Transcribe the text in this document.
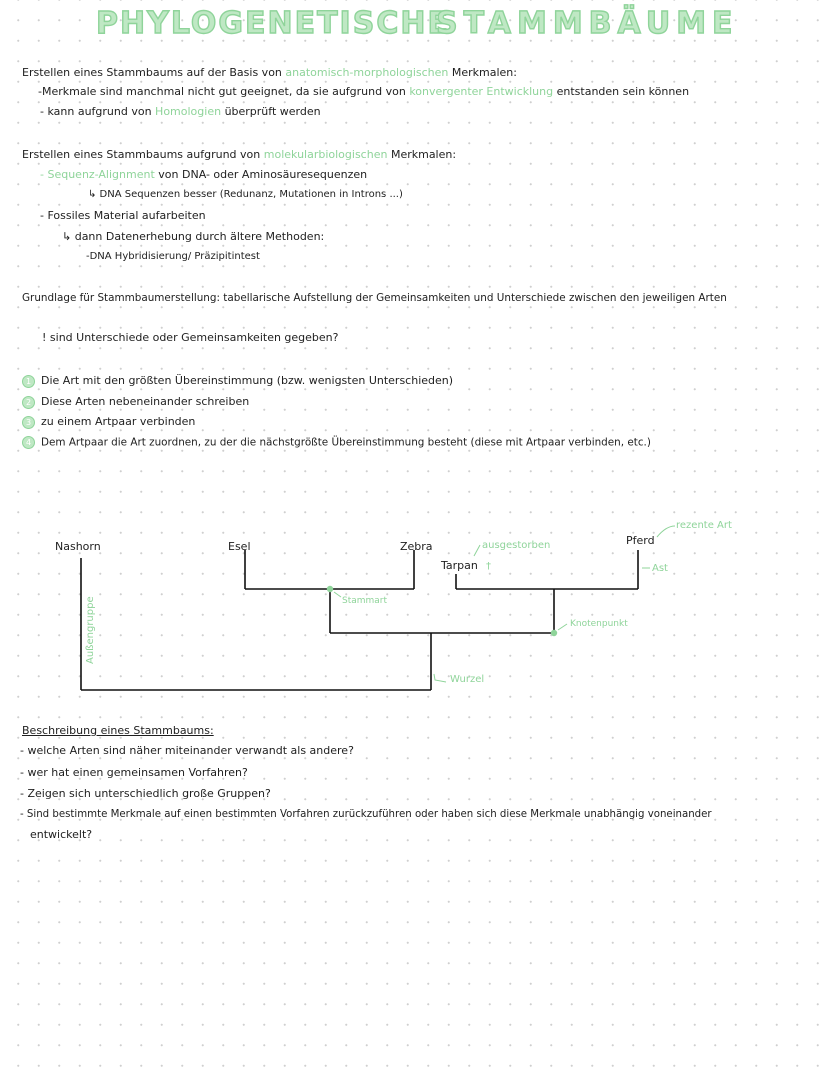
PHYLOGENETISCHE
STAMMBÄUME
Erstellen eines Stammbaums auf der Basis von anatomisch-morphologischen Merkmalen:
-Merkmale sind manchmal nicht gut geeignet, da sie aufgrund von konvergenter Entwicklung entstanden sein können
- kann aufgrund von Homologien überprüft werden
Erstellen eines Stammbaums aufgrund von molekularbiologischen Merkmalen:
- Sequenz-Alignment von DNA- oder Aminosäuresequenzen
↳ DNA Sequenzen besser (Redunanz, Mutationen in Introns ...)
- Fossiles Material aufarbeiten
↳ dann Datenerhebung durch ältere Methoden:
-DNA Hybridisierung/ Präzipitintest
Grundlage für Stammbaumerstellung: tabellarische Aufstellung der Gemeinsamkeiten und Unterschiede zwischen den jeweiligen Arten
! sind Unterschiede oder Gemeinsamkeiten gegeben?
1 Die Art mit den größten Übereinstimmung (bzw. wenigsten Unterschieden)
2 Diese Arten nebeneinander schreiben
3 zu einem Artpaar verbinden
4 Dem Artpaar die Art zuordnen, zu der die nächstgrößte Übereinstimmung besteht (diese mit Artpaar verbinden, etc.)
Nashorn	Esel	Zebra
Tarpan †
Pferd
rezente Art
ausgestorben
Ast
Stammart
Knotenpunkt
Wurzel
Außengruppe
Beschreibung eines Stammbaums:
- welche Arten sind näher miteinander verwandt als andere?
- wer hat einen gemeinsamen Vorfahren?
- Zeigen sich unterschiedlich große Gruppen?
- Sind bestimmte Merkmale auf einen bestimmten Vorfahren zurückzuführen oder haben sich diese Merkmale unabhängig voneinander
entwickelt?
